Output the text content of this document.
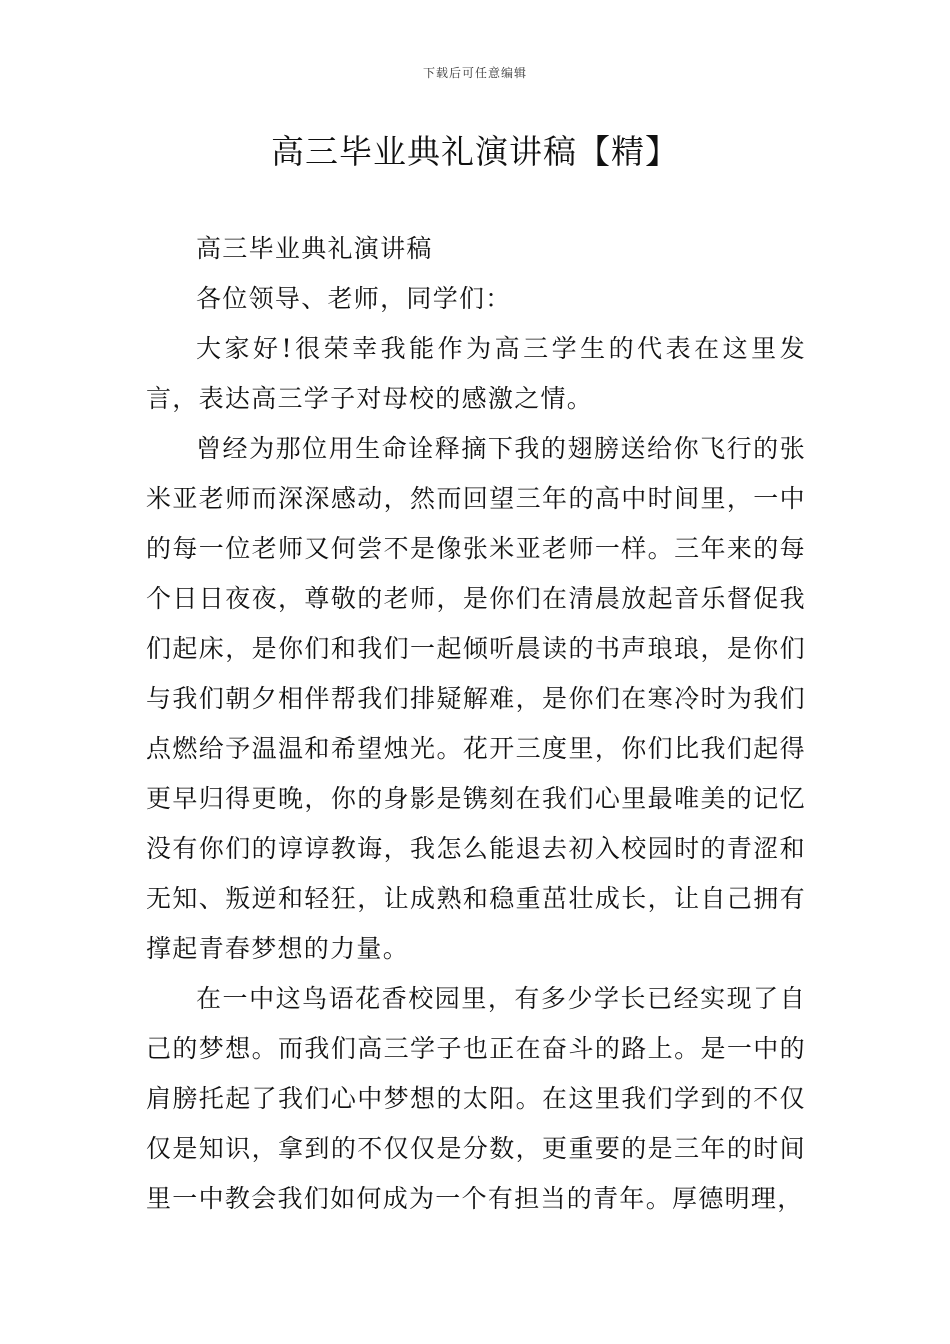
下载后可任意编辑
高三毕业典礼演讲稿【精】

高三毕业典礼演讲稿

各位领导、老师，同学们：

大家好!很荣幸我能作为高三学生的代表在这里发言，表达高三学子对母校的感激之情。

曾经为那位用生命诠释摘下我的翅膀送给你飞行的张米亚老师而深深感动，然而回望三年的高中时间里，一中的每一位老师又何尝不是像张米亚老师一样。三年来的每个日日夜夜，尊敬的老师，是你们在清晨放起音乐督促我们起床，是你们和我们一起倾听晨读的书声琅琅，是你们与我们朝夕相伴帮我们排疑解难，是你们在寒冷时为我们点燃给予温温和希望烛光。花开三度里，你们比我们起得更早归得更晚，你的身影是镌刻在我们心里最唯美的记忆没有你们的谆谆教诲，我怎么能退去初入校园时的青涩和无知、叛逆和轻狂，让成熟和稳重茁壮成长，让自己拥有撑起青春梦想的力量。

在一中这鸟语花香校园里，有多少学长已经实现了自己的梦想。而我们高三学子也正在奋斗的路上。是一中的肩膀托起了我们心中梦想的太阳。在这里我们学到的不仅仅是知识，拿到的不仅仅是分数，更重要的是三年的时间里一中教会我们如何成为一个有担当的青年。厚德明理，
